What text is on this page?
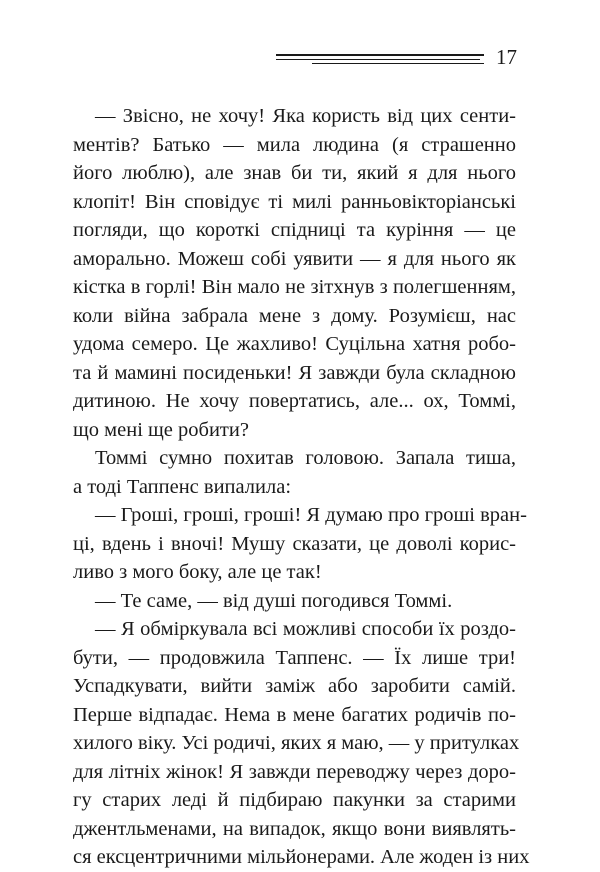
17
— Звісно, не хочу! Яка користь від цих сенти-
ментів? Батько — мила людина (я страшенно
його люблю), але знав би ти, який я для нього
клопіт! Він сповідує ті милі ранньовікторіанські
погляди, що короткі спідниці та куріння — це
аморально. Можеш собі уявити — я для нього як
кістка в горлі! Він мало не зітхнув з полегшенням,
коли війна забрала мене з дому. Розумієш, нас
удома семеро. Це жахливо! Суцільна хатня робо-
та й мамині посиденьки! Я завжди була складною
дитиною. Не хочу повертатись, але... ох, Томмі,
що мені ще робити?
Томмі сумно похитав головою. Запала тиша,
а тоді Таппенс випалила:
— Гроші, гроші, гроші! Я думаю про гроші вран-
ці, вдень і вночі! Мушу сказати, це доволі корис-
ливо з мого боку, але це так!
— Те саме, — від душі погодився Томмі.
— Я обміркувала всі можливі способи їх роздо-
бути, — продовжила Таппенс. — Їх лише три!
Успадкувати, вийти заміж або заробити самій.
Перше відпадає. Нема в мене багатих родичів по-
хилого віку. Усі родичі, яких я маю, — у притулках
для літніх жінок! Я завжди переводжу через доро-
гу старих леді й підбираю пакунки за старими
джентльменами, на випадок, якщо вони виявлять-
ся ексцентричними мільйонерами. Але жоден із них
